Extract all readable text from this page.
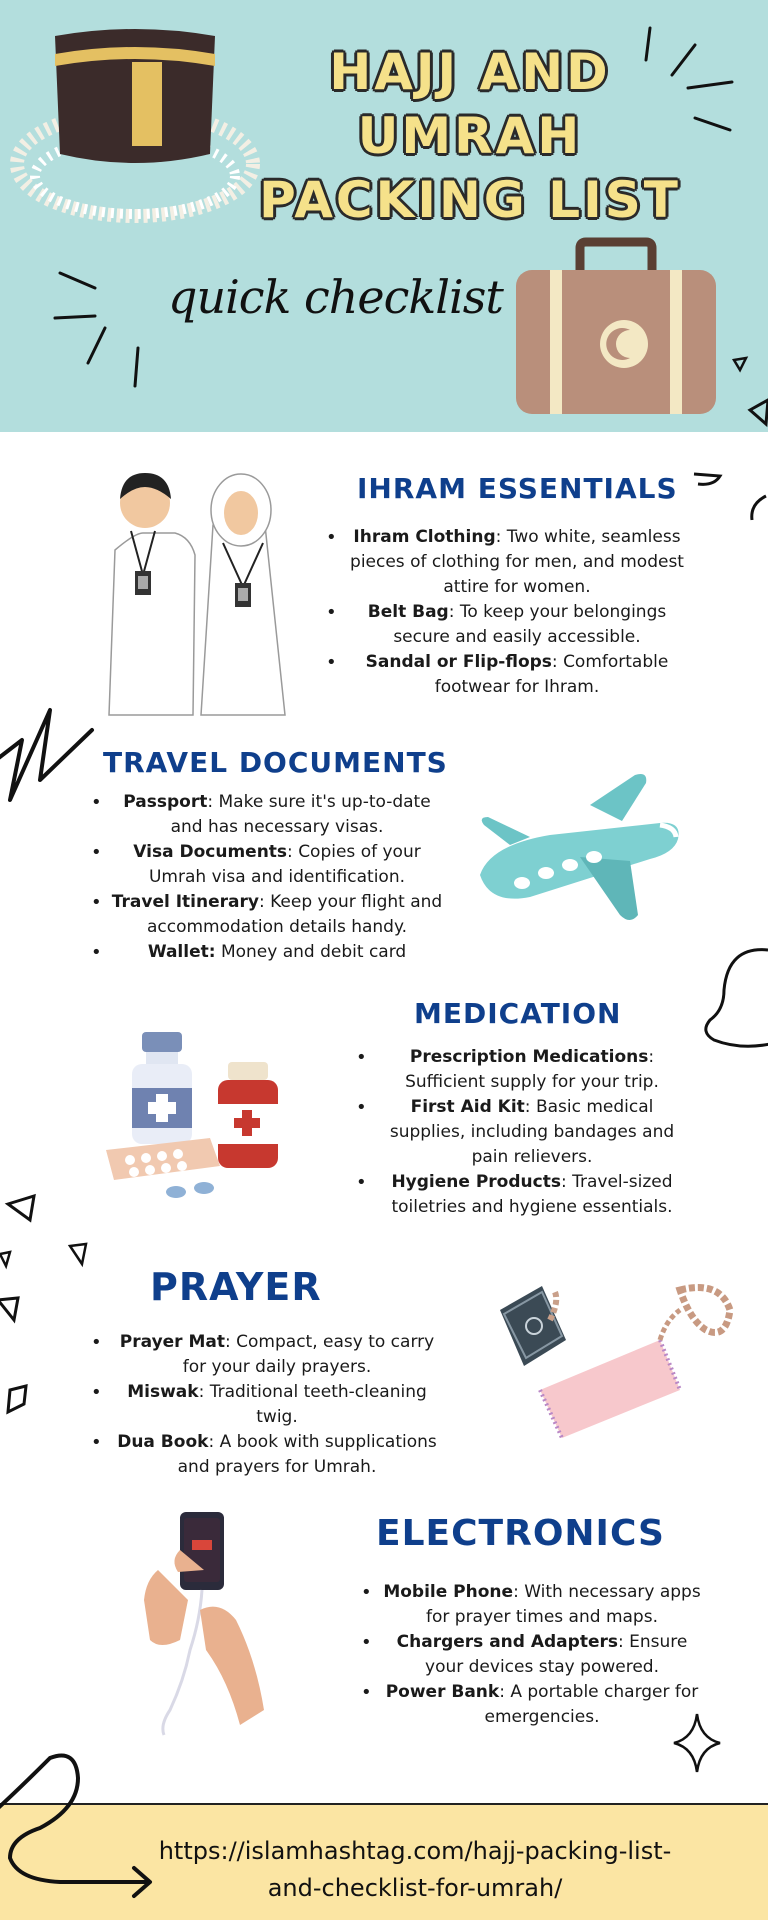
HAJJ AND
UMRAH
PACKING LIST
quick checklist
IHRAM ESSENTIALS
• Ihram Clothing: Two white, seamless pieces of clothing for men, and modest attire for women.
• Belt Bag: To keep your belongings secure and easily accessible.
• Sandal or Flip-flops: Comfortable footwear for Ihram.
TRAVEL DOCUMENTS
• Passport: Make sure it's up-to-date and has necessary visas.
• Visa Documents: Copies of your Umrah visa and identification.
• Travel Itinerary: Keep your flight and accommodation details handy.
• Wallet: Money and debit card
MEDICATION
• Prescription Medications: Sufficient supply for your trip.
• First Aid Kit: Basic medical supplies, including bandages and pain relievers.
• Hygiene Products: Travel-sized toiletries and hygiene essentials.
PRAYER
• Prayer Mat: Compact, easy to carry for your daily prayers.
• Miswak: Traditional teeth-cleaning twig.
• Dua Book: A book with supplications and prayers for Umrah.
ELECTRONICS
• Mobile Phone: With necessary apps for prayer times and maps.
• Chargers and Adapters: Ensure your devices stay powered.
• Power Bank: A portable charger for emergencies.
https://islamhashtag.com/hajj-packing-list-and-checklist-for-umrah/
